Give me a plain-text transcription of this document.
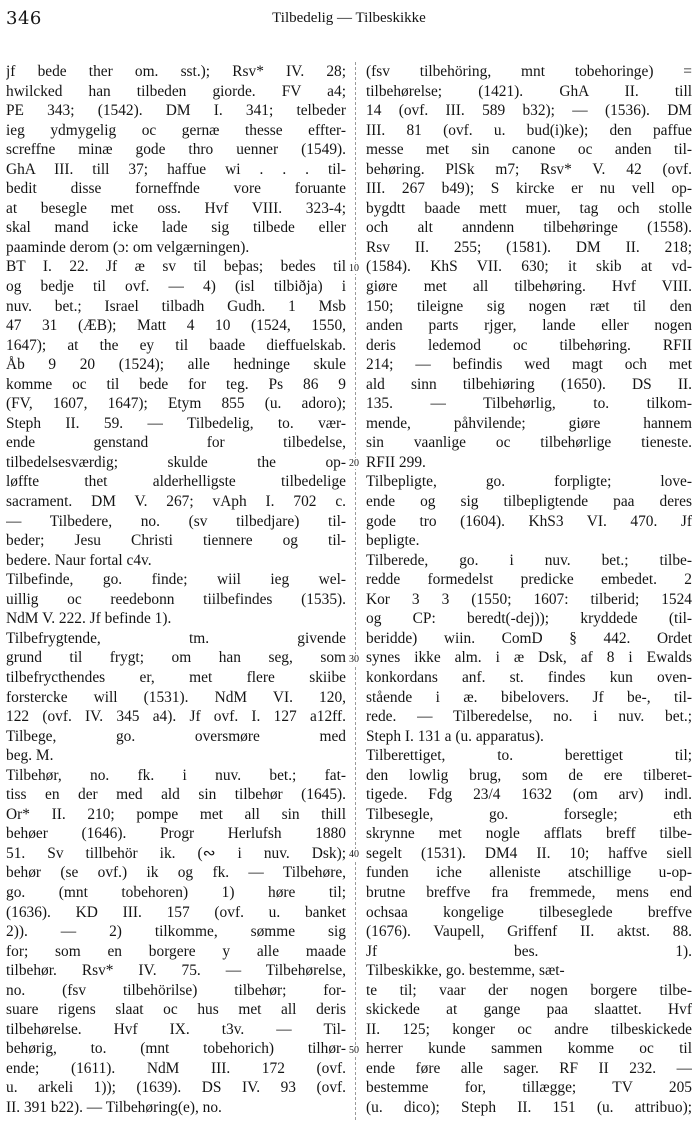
346	Tilbedelig — Tilbeskikke
jf bede ther om. sst.); Rsv* IV. 28;
hwilcked han tilbeden giorde. FV a4;
PE 343; (1542). DM I. 341; telbeder
ieg ydmygelig oc gernæ thesse effter-
screffne minæ gode thro uenner (1549).
GhA III. till 37; haffue wi . . . til-
bedit disse forneffnde vore foruante
at besegle met oss. Hvf VIII. 323-4;
skal mand icke lade sig tilbede eller
paaminde derom (ɔ: om velgærningen).
BT I. 22. Jf æ sv til beþas; bedes til
og bedje til ovf. — 4) (isl tilbiðja) i
nuv. bet.; Israel tilbadh Gudh. 1 Msb
47 31 (ÆB); Matt 4 10 (1524, 1550,
1647); at the ey til baade dieffuelskab.
Åb 9 20 (1524); alle hedninge skule
komme oc til bede for teg. Ps 86 9
(FV, 1607, 1647); Etym 855 (u. adoro);
Steph II. 59. — Tilbedelig, to. vær-
ende genstand for tilbedelse,
tilbedelsesværdig; skulde the op-
løffte thet alderhelligste tilbedelige
sacrament. DM V. 267; vAph I. 702 c.
— Tilbedere, no. (sv tilbedjare) til-
beder; Jesu Christi tiennere og til-
bedere. Naur fortal c4v.
Tilbefinde, go. finde; wiil ieg wel-
uillig oc reedebonn tiilbefindes (1535).
NdM V. 222. Jf befinde 1).
Tilbefrygtende, tm. givende
grund til frygt; om han seg, som
tilbefrycthendes er, met flere skiibe
forstercke will (1531). NdM VI. 120,
122 (ovf. IV. 345 a4). Jf ovf. I. 127 a12ff.
Tilbege, go. oversmøre med
beg. M.
Tilbehør, no. fk. i nuv. bet.; fat-
tiss en der med ald sin tilbehør (1645).
Or* II. 210; pompe met all sin thill
behøer (1646). Progr Herlufsh 1880
51. Sv tillbehör ik. (∾ i nuv. Dsk);
behør (se ovf.) ik og fk. — Tilbehøre,
go. (mnt tobehoren) 1) høre til;
(1636). KD III. 157 (ovf. u. banket
2)). — 2) tilkomme, sømme sig
for; som en borgere y alle maade
tilbehør. Rsv* IV. 75. — Tilbehørelse,
no. (fsv tilbehörilse) tilbehør; for-
suare rigens slaat oc hus met all deris
tilbehørelse. Hvf IX. t3v. — Til-
behørig, to. (mnt tobehorich) tilhør-
ende; (1611). NdM III. 172 (ovf.
u. arkeli 1)); (1639). DS IV. 93 (ovf.
II. 391 b22). — Tilbehøring(e), no.
10
20
30
40
50
(fsv tilbehöring, mnt tobehoringe) =
tilbehørelse; (1421). GhA II. till
14 (ovf. III. 589 b32); — (1536). DM
III. 81 (ovf. u. bud(i)ke); den paffue
messe met sin canone oc anden til-
behøring. PlSk m7; Rsv* V. 42 (ovf.
III. 267 b49); S kircke er nu vell op-
bygdtt baade mett muer, tag och stolle
och alt anndenn tilbehøringe (1558).
Rsv II. 255; (1581). DM II. 218;
(1584). KhS VII. 630; it skib at vd-
giøre met all tilbehøring. Hvf VIII.
150; tileigne sig nogen ræt til den
anden parts rjger, lande eller nogen
deris ledemod oc tilbehøring. RFII
214; — befindis wed magt och met
ald sinn tilbehiøring (1650). DS II.
135. — Tilbehørlig, to. tilkom-
mende, påhvilende; giøre hannem
sin vaanlige oc tilbehørlige tieneste.
RFII 299.
Tilbepligte, go. forpligte; love-
ende og sig tilbepligtende paa deres
gode tro (1604). KhS3 VI. 470. Jf
bepligte.
Tilberede, go. i nuv. bet.; tilbe-
redde formedelst predicke embedet. 2
Kor 3 3 (1550; 1607: tilberid; 1524
og CP: beredt(-dej)); kryddede (til-
beridde) wiin. ComD § 442. Ordet
synes ikke alm. i æ Dsk, af 8 i Ewalds
konkordans anf. st. findes kun oven-
stående i æ. bibelovers. Jf be-, til-
rede. — Tilberedelse, no. i nuv. bet.;
Steph I. 131 a (u. apparatus).
Tilberettiget, to. berettiget til;
den lowlig brug, som de ere tilberet-
tigede. Fdg 23/4 1632 (om arv) indl.
Tilbesegle, go. forsegle; eth
skrynne met nogle afflats breff tilbe-
segelt (1531). DM4 II. 10; haffve siell
funden iche alleniste atschillige u-op-
brutne breffve fra fremmede, mens end
ochsaa kongelige tilbeseglede breffve
(1676). Vaupell, Griffenf II. aktst. 88.
Jf bes. 1).
Tilbeskikke, go. bestemme, sæt-
te til; vaar der nogen borgere tilbe-
skickede at gange paa slaattet. Hvf
II. 125; konger oc andre tilbeskickede
herrer kunde sammen komme oc til
ende føre alle sager. RF II 232. —
bestemme for, tillægge; TV 205
(u. dico); Steph II. 151 (u. attribuo);
